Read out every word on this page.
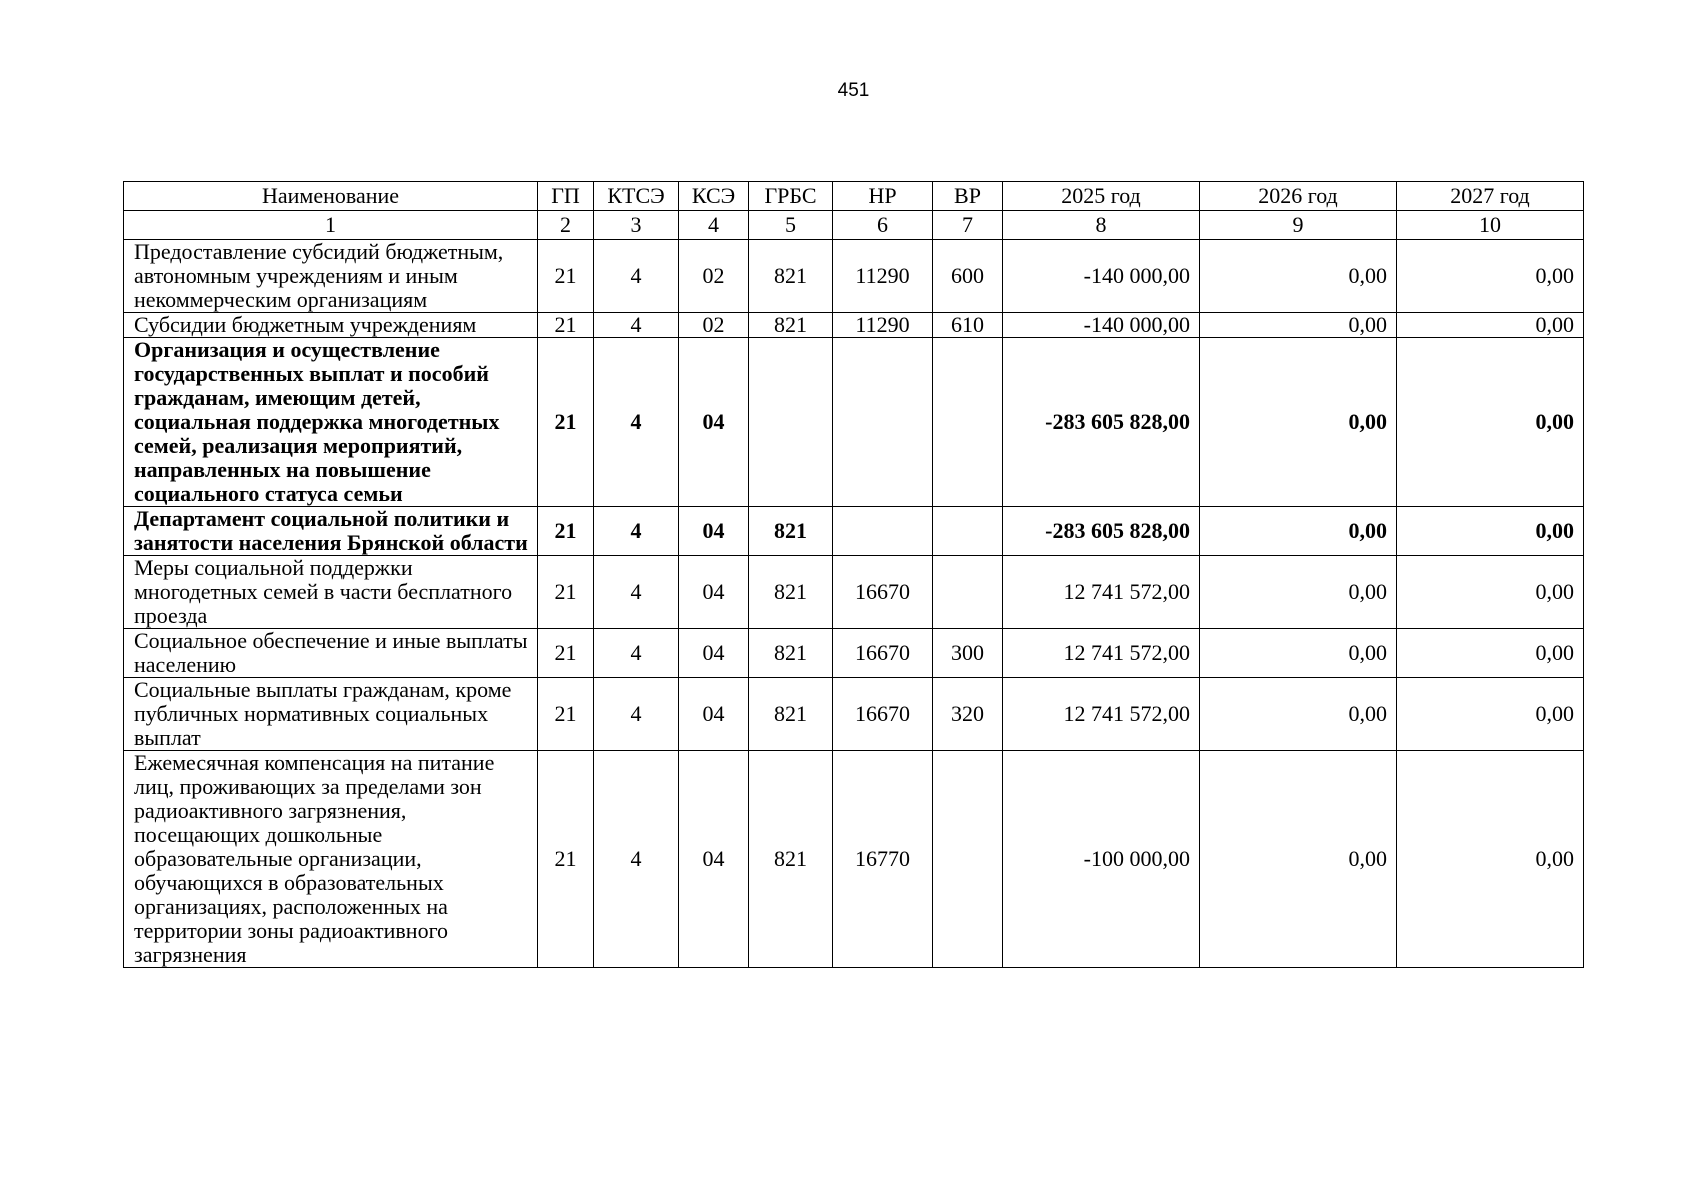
451
Наименование	ГП	КТСЭ	КСЭ	ГРБС	НР	ВР	2025 год	2026 год	2027 год
1	2	3	4	5	6	7	8	9	10
Предоставление субсидий бюджетным, автономным учреждениям и иным некоммерческим организациям	21	4	02	821	11290	600	-140 000,00	0,00	0,00
Субсидии бюджетным учреждениям	21	4	02	821	11290	610	-140 000,00	0,00	0,00
Организация и осуществление государственных выплат и пособий гражданам, имеющим детей, социальная поддержка многодетных семей, реализация мероприятий, направленных на повышение социального статуса семьи	21	4	04				-283 605 828,00	0,00	0,00
Департамент социальной политики и занятости населения Брянской области	21	4	04	821			-283 605 828,00	0,00	0,00
Меры социальной поддержки многодетных семей в части бесплатного проезда	21	4	04	821	16670		12 741 572,00	0,00	0,00
Социальное обеспечение и иные выплаты населению	21	4	04	821	16670	300	12 741 572,00	0,00	0,00
Социальные выплаты гражданам, кроме публичных нормативных социальных выплат	21	4	04	821	16670	320	12 741 572,00	0,00	0,00
Ежемесячная компенсация на питание лиц, проживающих за пределами зон радиоактивного загрязнения, посещающих дошкольные образовательные организации, обучающихся в образовательных организациях, расположенных на территории зоны радиоактивного загрязнения	21	4	04	821	16770		-100 000,00	0,00	0,00
